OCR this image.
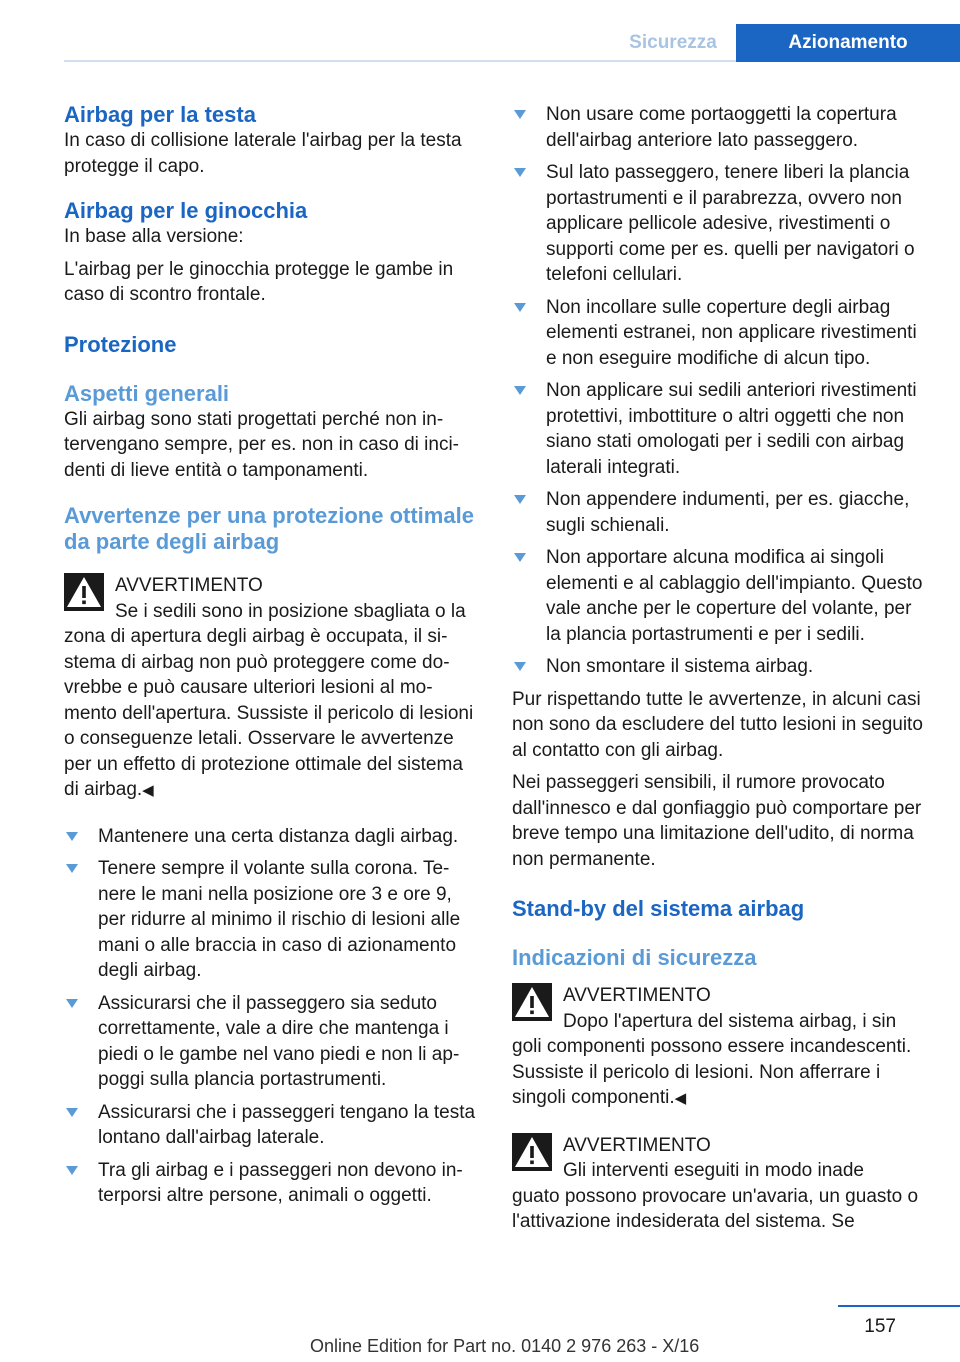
Sicurezza	Azionamento
Airbag per la testa

In caso di collisione laterale l'airbag per la testa protegge il capo.

Airbag per le ginocchia

In base alla versione:

L'airbag per le ginocchia protegge le gambe in caso di scontro frontale.

Protezione
Aspetti generali

Gli airbag sono stati progettati perché non intervengano sempre, per es. non in caso di incidenti di lieve entità o tamponamenti.

Avvertenze per una protezione ottimale da parte degli airbag
AVVERTIMENTO

Se i sedili sono in posizione sbagliata o la

zona di apertura degli airbag è occupata, il sistema di airbag non può proteggere come dovrebbe e può causare ulteriori lesioni al momento dell'apertura. Sussiste il pericolo di lesioni o conseguenze letali. Osservare le avvertenze per un effetto di protezione ottimale del sistema di airbag.◀

Mantenere una certa distanza dagli airbag.
Tenere sempre il volante sulla corona. Tenere le mani nella posizione ore 3 e ore 9, per ridurre al minimo il rischio di lesioni alle mani o alle braccia in caso di azionamento degli airbag.
Assicurarsi che il passeggero sia seduto correttamente, vale a dire che mantenga i piedi o le gambe nel vano piedi e non li appoggi sulla plancia portastrumenti.
Assicurarsi che i passeggeri tengano la testa lontano dall'airbag laterale.
Tra gli airbag e i passeggeri non devono interporsi altre persone, animali o oggetti.
Non usare come portaoggetti la copertura dell'airbag anteriore lato passeggero.
Sul lato passeggero, tenere liberi la plancia portastrumenti e il parabrezza, ovvero non applicare pellicole adesive, rivestimenti o supporti come per es. quelli per navigatori o telefoni cellulari.
Non incollare sulle coperture degli airbag elementi estranei, non applicare rivestimenti e non eseguire modifiche di alcun tipo.
Non applicare sui sedili anteriori rivestimenti protettivi, imbottiture o altri oggetti che non siano stati omologati per i sedili con airbag laterali integrati.
Non appendere indumenti, per es. giacche, sugli schienali.
Non apportare alcuna modifica ai singoli elementi e al cablaggio dell'impianto. Questo vale anche per le coperture del volante, per la plancia portastrumenti e per i sedili.
Non smontare il sistema airbag.

Pur rispettando tutte le avvertenze, in alcuni casi non sono da escludere del tutto lesioni in seguito al contatto con gli airbag.

Nei passeggeri sensibili, il rumore provocato dall'innesco e dal gonfiaggio può comportare per breve tempo una limitazione dell'udito, di norma non permanente.

Stand-by del sistema airbag
Indicazioni di sicurezza
AVVERTIMENTO

Dopo l'apertura del sistema airbag, i sin

goli componenti possono essere incandescenti. Sussiste il pericolo di lesioni. Non afferrare i singoli componenti.◀

AVVERTIMENTO

Gli interventi eseguiti in modo inade

guato possono provocare un'avaria, un guasto o l'attivazione indesiderata del sistema. Se

157
Online Edition for Part no. 0140 2 976 263 - X/16
